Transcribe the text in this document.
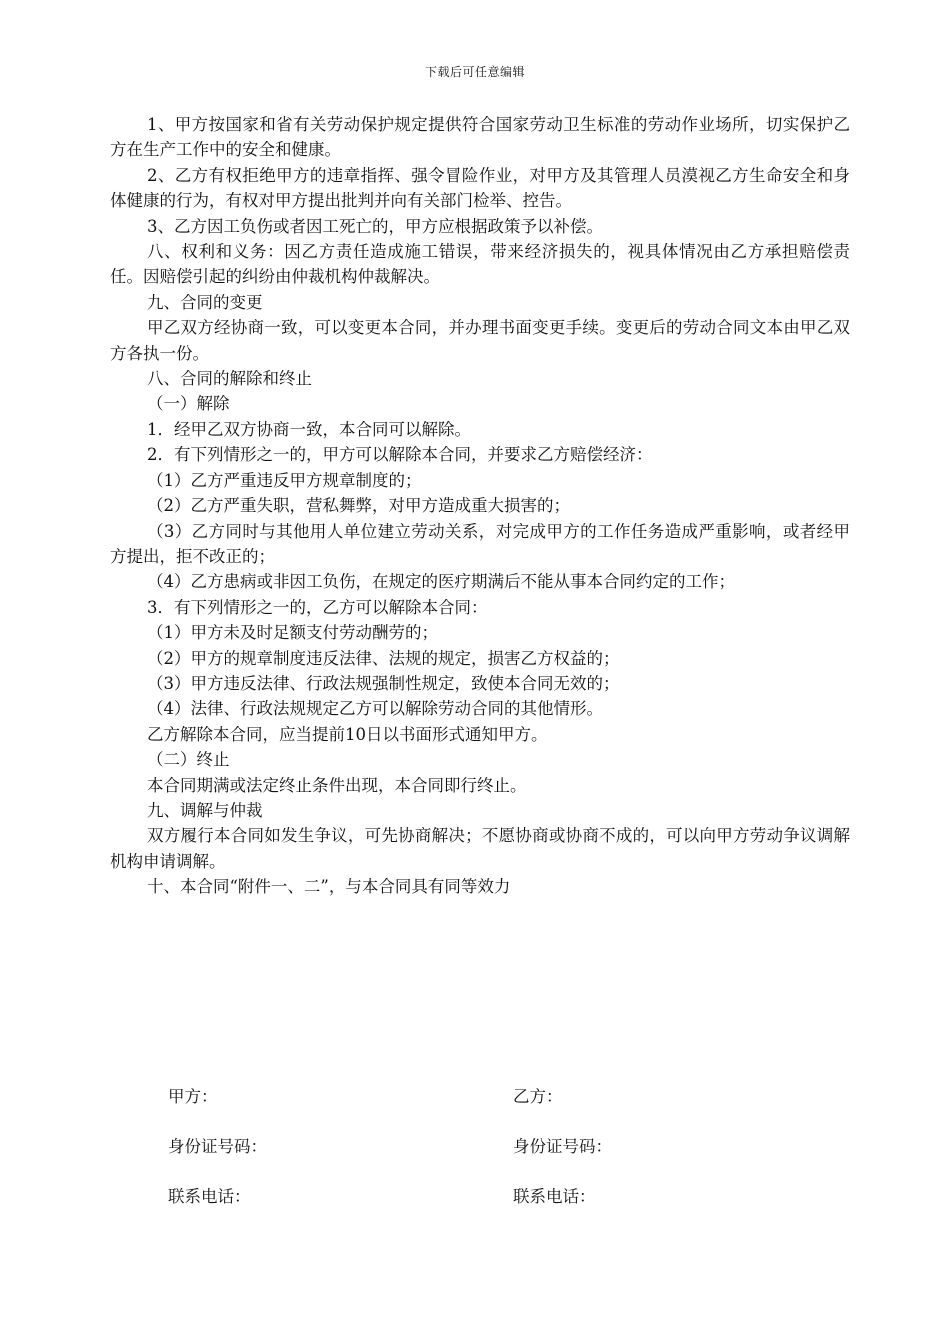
下载后可任意编辑

1、甲方按国家和省有关劳动保护规定提供符合国家劳动卫生标准的劳动作业场所，切实保护乙方在生产工作中的安全和健康。

2、乙方有权拒绝甲方的违章指挥、强令冒险作业，对甲方及其管理人员漠视乙方生命安全和身体健康的行为，有权对甲方提出批判并向有关部门检举、控告。

3、乙方因工负伤或者因工死亡的，甲方应根据政策予以补偿。

八、权利和义务：因乙方责任造成施工错误，带来经济损失的，视具体情况由乙方承担赔偿责任。因赔偿引起的纠纷由仲裁机构仲裁解决。

九、合同的变更

甲乙双方经协商一致，可以变更本合同，并办理书面变更手续。变更后的劳动合同文本由甲乙双方各执一份。

八、合同的解除和终止

（一）解除

1．经甲乙双方协商一致，本合同可以解除。

2．有下列情形之一的，甲方可以解除本合同，并要求乙方赔偿经济：

（1）乙方严重违反甲方规章制度的；

（2）乙方严重失职，营私舞弊，对甲方造成重大损害的；

（3）乙方同时与其他用人单位建立劳动关系，对完成甲方的工作任务造成严重影响，或者经甲方提出，拒不改正的；

（4）乙方患病或非因工负伤，在规定的医疗期满后不能从事本合同约定的工作；

3．有下列情形之一的，乙方可以解除本合同：

（1）甲方未及时足额支付劳动酬劳的；

（2）甲方的规章制度违反法律、法规的规定，损害乙方权益的；

（3）甲方违反法律、行政法规强制性规定，致使本合同无效的；

（4）法律、行政法规规定乙方可以解除劳动合同的其他情形。

乙方解除本合同，应当提前10日以书面形式通知甲方。

（二）终止

本合同期满或法定终止条件出现，本合同即行终止。

九、调解与仲裁

双方履行本合同如发生争议，可先协商解决；不愿协商或协商不成的，可以向甲方劳动争议调解机构申请调解。

十、本合同“附件一、二”，与本合同具有同等效力

甲方：	乙方：
身份证号码：	身份证号码：
联系电话：	联系电话：
